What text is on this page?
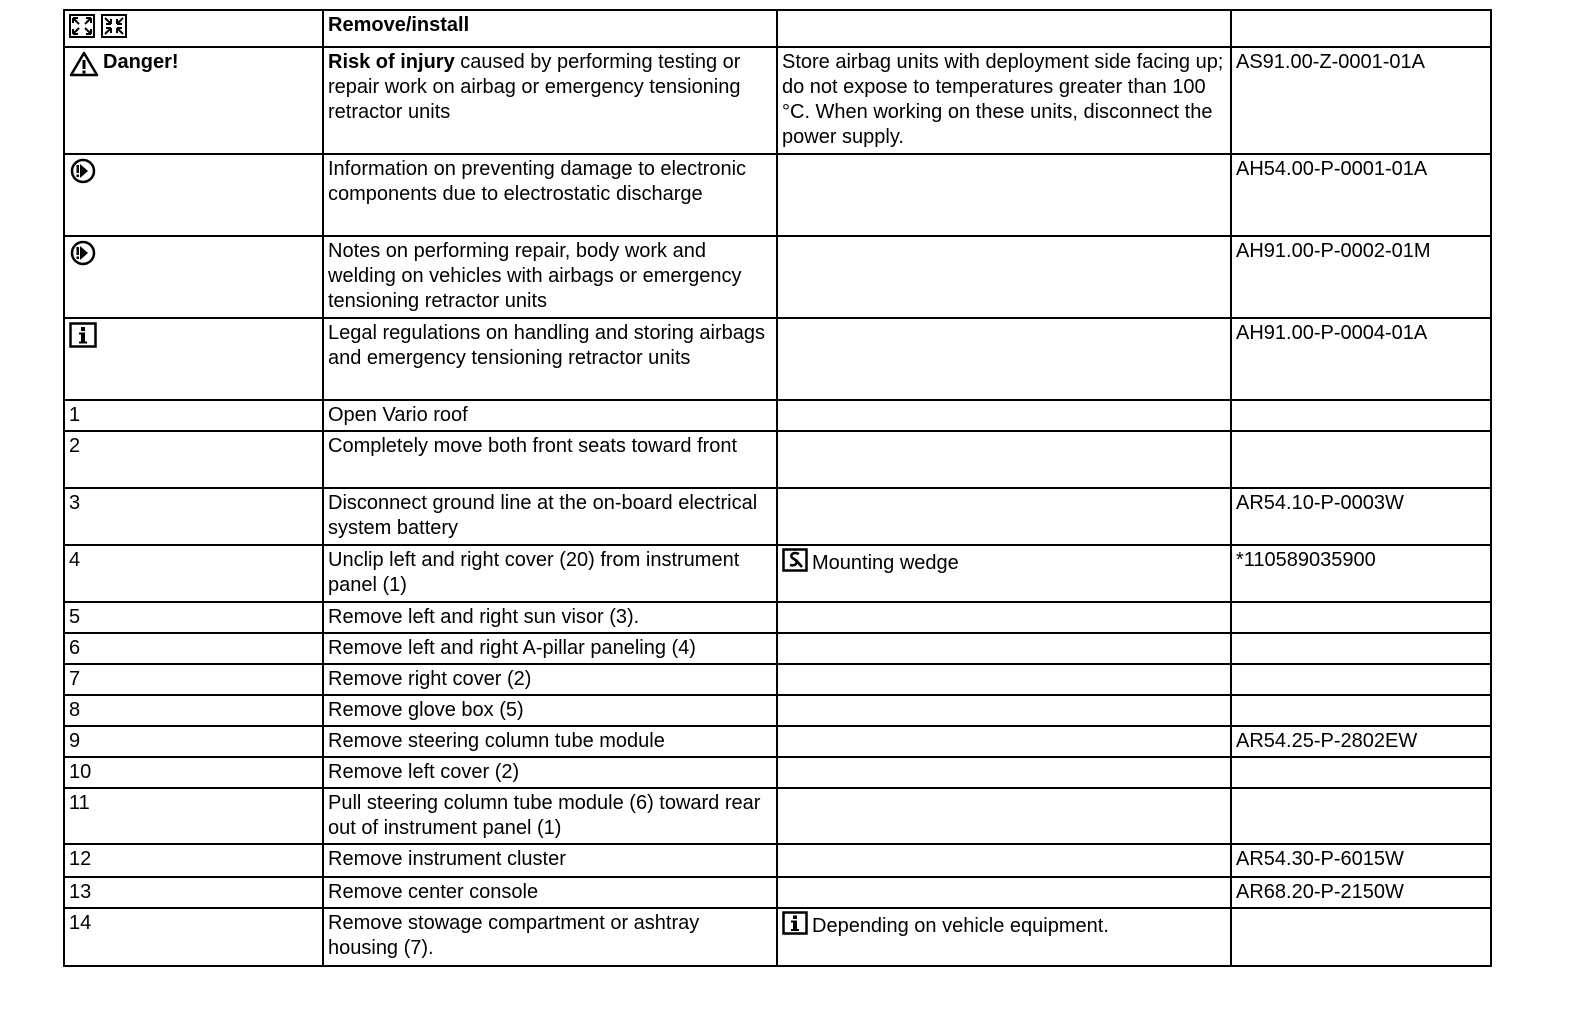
	Remove/install		
Danger!	Risk of injury caused by performing testing or repair work on airbag or emergency tensioning retractor units	Store airbag units with deployment side facing up; do not expose to temperatures greater than 100 °C. When working on these units, disconnect the power supply.	AS91.00-Z-0001-01A
	Information on preventing damage to electronic components due to electrostatic discharge		AH54.00-P-0001-01A
	Notes on performing repair, body work and welding on vehicles with airbags or emergency tensioning retractor units		AH91.00-P-0002-01M
	Legal regulations on handling and storing airbags and emergency tensioning retractor units		AH91.00-P-0004-01A
1	Open Vario roof		
2	Completely move both front seats toward front		
3	Disconnect ground line at the on-board electrical system battery		AR54.10-P-0003W
4	Unclip left and right cover (20) from instrument panel (1)	Mounting wedge	*110589035900
5	Remove left and right sun visor (3).		
6	Remove left and right A-pillar paneling (4)		
7	Remove right cover (2)		
8	Remove glove box (5)		
9	Remove steering column tube module		AR54.25-P-2802EW
10	Remove left cover (2)		
11	Pull steering column tube module (6) toward rear out of instrument panel (1)		
12	Remove instrument cluster		AR54.30-P-6015W
13	Remove center console		AR68.20-P-2150W
14	Remove stowage compartment or ashtray housing (7).	Depending on vehicle equipment.	
